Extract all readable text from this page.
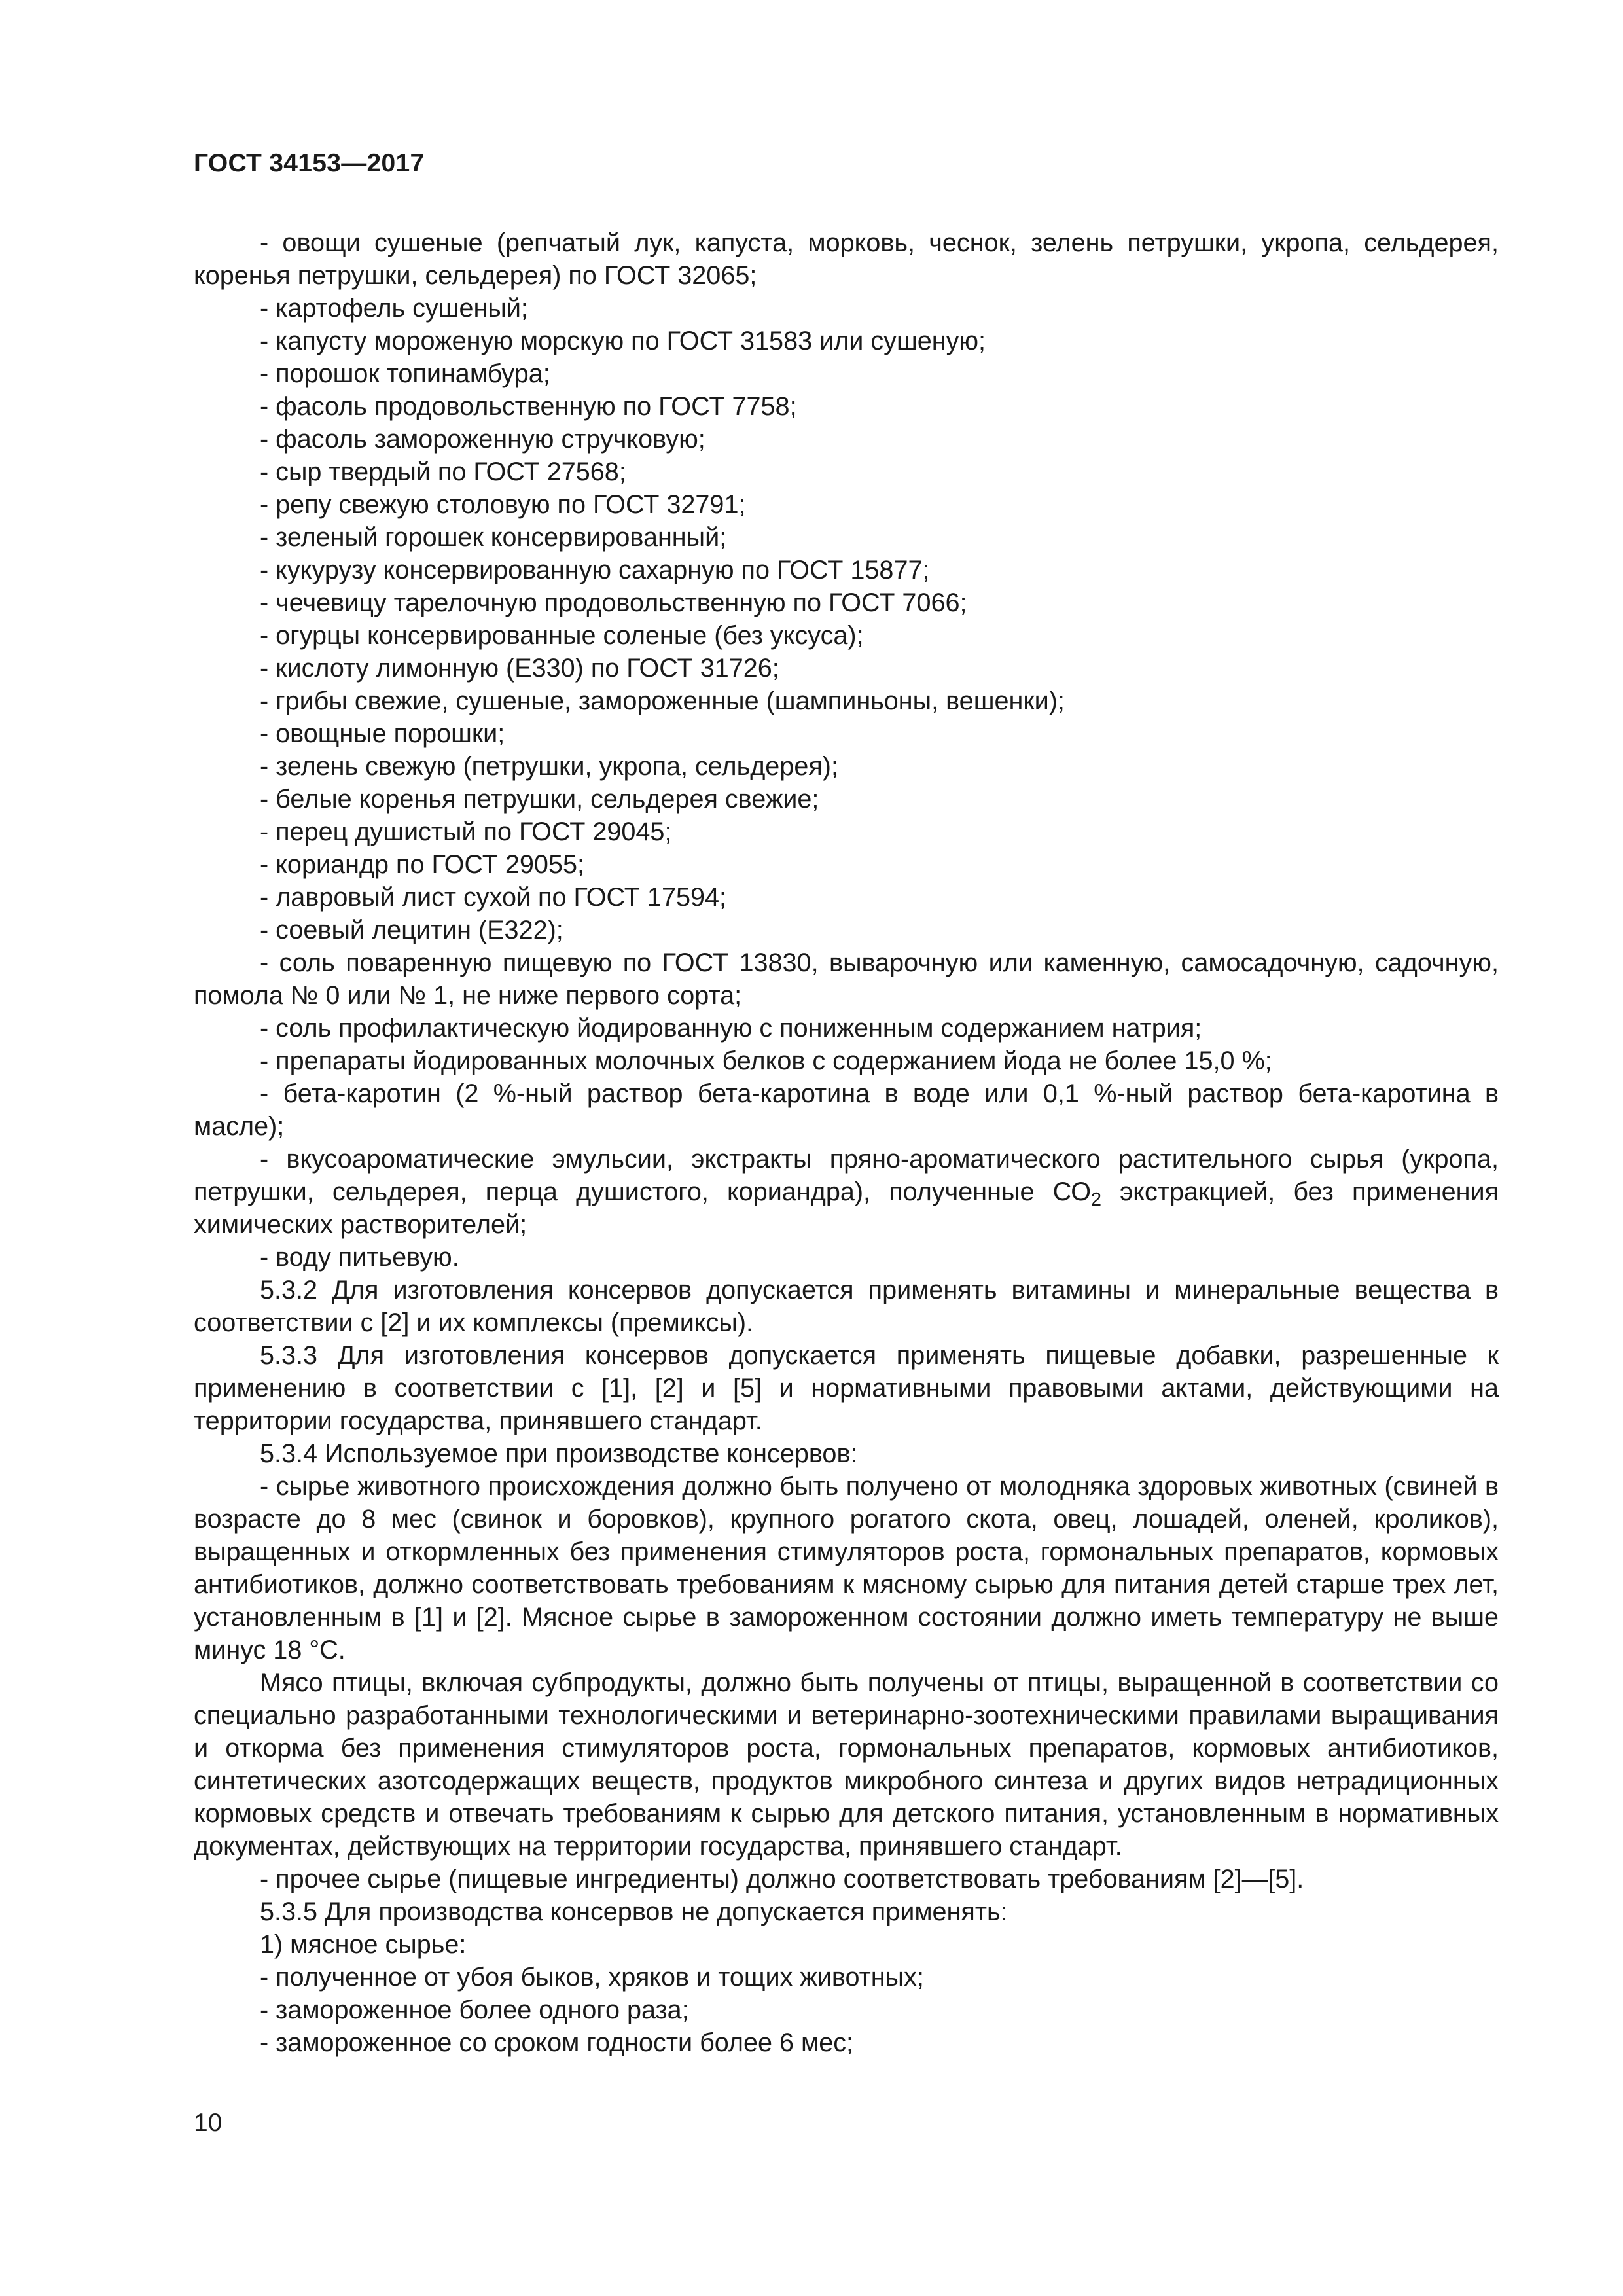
ГОСТ 34153—2017

- овощи сушеные (репчатый лук, капуста, морковь, чеснок, зелень петрушки, укропа, сельдерея, коренья петрушки, сельдерея) по ГОСТ 32065;

- картофель сушеный;

- капусту мороженую морскую по ГОСТ 31583 или сушеную;

- порошок топинамбура;

- фасоль продовольственную по ГОСТ 7758;

- фасоль замороженную стручковую;

- сыр твердый по ГОСТ 27568;

- репу свежую столовую по ГОСТ 32791;

- зеленый горошек консервированный;

- кукурузу консервированную сахарную по ГОСТ 15877;

- чечевицу тарелочную продовольственную по ГОСТ 7066;

- огурцы консервированные соленые (без уксуса);

- кислоту лимонную (Е330) по ГОСТ 31726;

- грибы свежие, сушеные, замороженные (шампиньоны, вешенки);

- овощные порошки;

- зелень свежую (петрушки, укропа, сельдерея);

- белые коренья петрушки, сельдерея свежие;

- перец душистый по ГОСТ 29045;

- кориандр по ГОСТ 29055;

- лавровый лист сухой по ГОСТ 17594;

- соевый лецитин (Е322);

- соль поваренную пищевую по ГОСТ 13830, выварочную или каменную, самосадочную, садочную, помола № 0 или № 1, не ниже первого сорта;

- соль профилактическую йодированную с пониженным содержанием натрия;

- препараты йодированных молочных белков с содержанием йода не более 15,0 %;

- бета-каротин (2 %-ный раствор бета-каротина в воде или 0,1 %-ный раствор бета-каротина в масле);

- вкусоароматические эмульсии, экстракты пряно-ароматического растительного сырья (укропа, петрушки, сельдерея, перца душистого, кориандра), полученные $СО_2$ экстракцией, без применения химических растворителей;

- воду питьевую.

5.3.2 Для изготовления консервов допускается применять витамины и минеральные вещества в соответствии с [2] и их комплексы (премиксы).

5.3.3 Для изготовления консервов допускается применять пищевые добавки, разрешенные к применению в соответствии с [1], [2] и [5] и нормативными правовыми актами, действующими на территории государства, принявшего стандарт.

5.3.4 Используемое при производстве консервов:

- сырье животного происхождения должно быть получено от молодняка здоровых животных (свиней в возрасте до 8 мес (свинок и боровков), крупного рогатого скота, овец, лошадей, оленей, кроликов), выращенных и откормленных без применения стимуляторов роста, гормональных препаратов, кормовых антибиотиков, должно соответствовать требованиям к мясному сырью для питания детей старше трех лет, установленным в [1] и [2]. Мясное сырье в замороженном состоянии должно иметь температуру не выше минус 18 °С.

Мясо птицы, включая субпродукты, должно быть получены от птицы, выращенной в соответствии со специально разработанными технологическими и ветеринарно-зоотехническими правилами выращивания и откорма без применения стимуляторов роста, гормональных препаратов, кормовых антибиотиков, синтетических азотсодержащих веществ, продуктов микробного синтеза и других видов нетрадиционных кормовых средств и отвечать требованиям к сырью для детского питания, установленным в нормативных документах, действующих на территории государства, принявшего стандарт.

- прочее сырье (пищевые ингредиенты) должно соответствовать требованиям [2]—[5].

5.3.5 Для производства консервов не допускается применять:

1) мясное сырье:

- полученное от убоя быков, хряков и тощих животных;

- замороженное более одного раза;

- замороженное со сроком годности более 6 мес;

10
